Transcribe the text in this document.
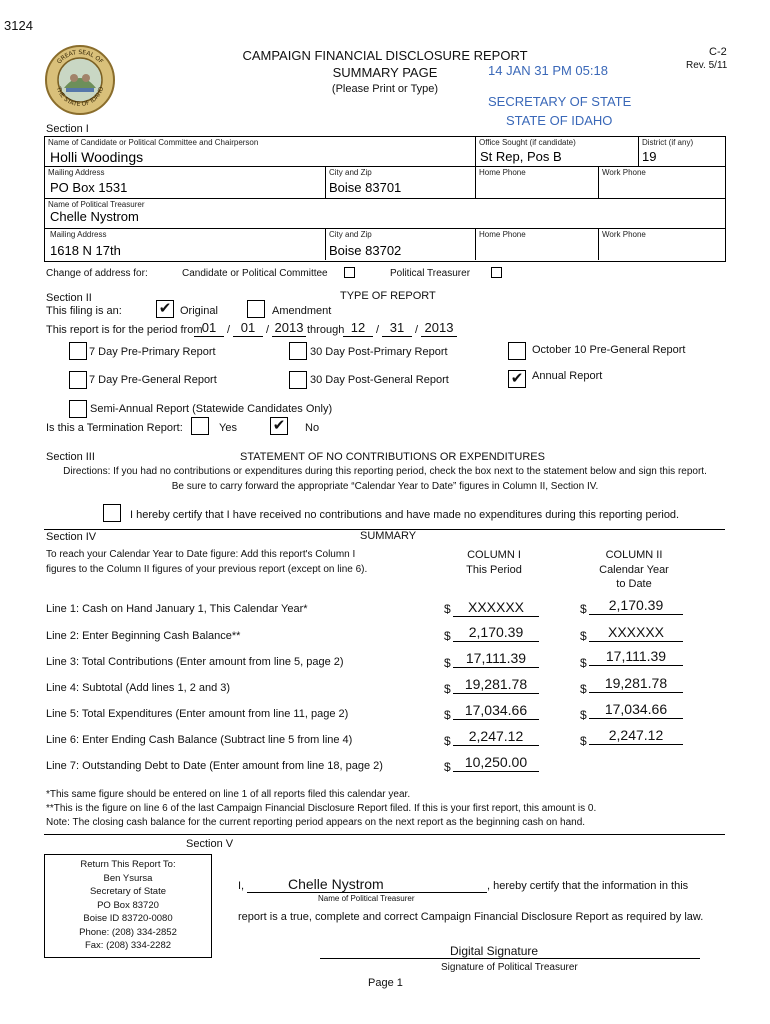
3124
GREAT SEAL OF
THE STATE OF IDAHO
CAMPAIGN FINANCIAL DISCLOSURE REPORT
SUMMARY PAGE
(Please Print or Type)
C-2
Rev. 5/11
14 JAN 31 PM 05:18
SECRETARY OF STATE
STATE OF IDAHO
Section I
Name of Candidate or Political Committee and Chairperson
Holli Woodings
Office Sought (if candidate)
St Rep, Pos B
District (if any)
19
Mailing Address
PO Box 1531
City and Zip
Boise 83701
Home Phone	Work Phone
Name of Political Treasurer
Chelle Nystrom
Mailing Address
1618 N 17th
City and Zip
Boise 83702
Home Phone	Work Phone
Change of address for:	Candidate or Political Committee	Political Treasurer
Section II	TYPE OF REPORT
This filing is an: ✔ Original	Amendment
This report is for the period from 01 / 01 / 2013 through 12 / 31 / 2013
7 Day Pre-Primary Report	30 Day Post-Primary Report	October 10 Pre-General Report
7 Day Pre-General Report	30 Day Post-General Report	✔ Annual Report
Semi-Annual Report (Statewide Candidates Only)
Is this a Termination Report:	Yes ✔ No
Section III	STATEMENT OF NO CONTRIBUTIONS OR EXPENDITURES
Directions: If you had no contributions or expenditures during this reporting period, check the box next to the statement below and sign this report.
Be sure to carry forward the appropriate “Calendar Year to Date” figures in Column II, Section IV.
I hereby certify that I have received no contributions and have made no expenditures during this reporting period.
Section IV	SUMMARY
To reach your Calendar Year to Date figure: Add this report's Column I
figures to the Column II figures of your previous report (except on line 6).
COLUMN I
This Period
COLUMN II
Calendar Year
to Date
Line 1: Cash on Hand January 1, This Calendar Year*	$	XXXXXX	$	2,170.39
Line 2: Enter Beginning Cash Balance**	$	2,170.39	$	XXXXXX
Line 3: Total Contributions (Enter amount from line 5, page 2)	$	17,111.39	$	17,111.39
Line 4: Subtotal (Add lines 1, 2 and 3)	$	19,281.78	$	19,281.78
Line 5: Total Expenditures (Enter amount from line 11, page 2)	$	17,034.66	$	17,034.66
Line 6: Enter Ending Cash Balance (Subtract line 5 from line 4)	$	2,247.12	$	2,247.12
Line 7: Outstanding Debt to Date (Enter amount from line 18, page 2)	$	10,250.00
*This same figure should be entered on line 1 of all reports filed this calendar year.
**This is the figure on line 6 of the last Campaign Financial Disclosure Report filed. If this is your first report, this amount is 0.
Note: The closing cash balance for the current reporting period appears on the next report as the beginning cash on hand.
Section V
Return This Report To:
Ben Ysursa
Secretary of State
PO Box 83720
Boise ID 83720-0080
Phone: (208) 334-2852
Fax: (208) 334-2282
I,	Chelle Nystrom
Name of Political Treasurer
, hereby certify that the information in this
report is a true, complete and correct Campaign Financial Disclosure Report as required by law.
Digital Signature
Signature of Political Treasurer
Page 1
